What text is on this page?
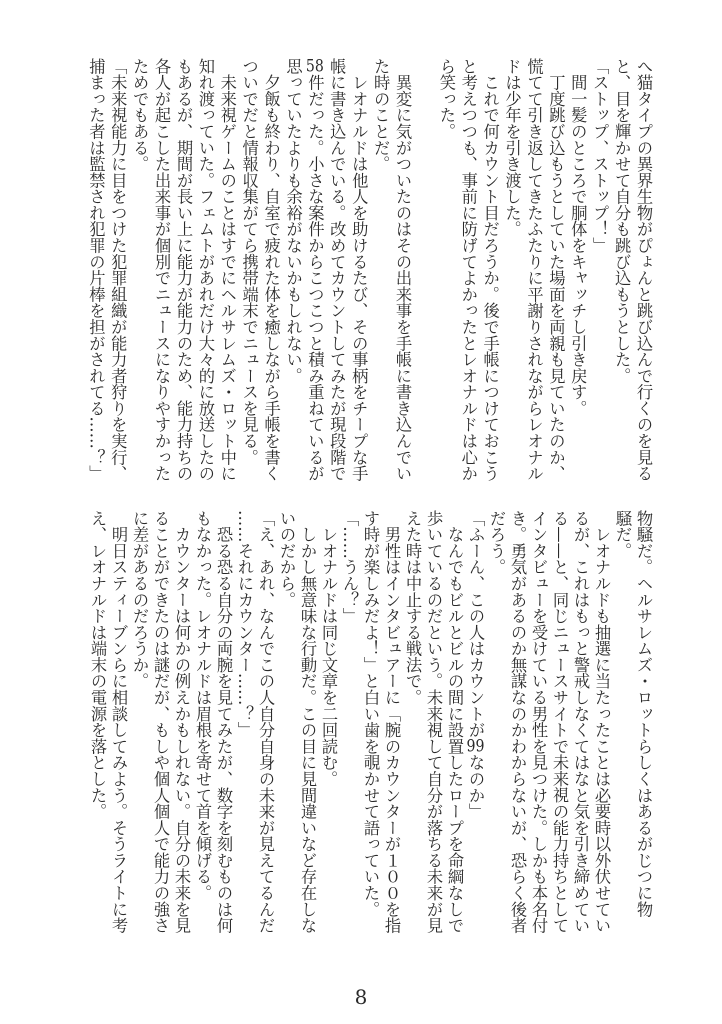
へ猫タイプの異界生物がぴょんと跳び込んで行くのを見る
と、目を輝かせて自分も跳び込もうとした。
「ストップ、ストップ！」
　間一髪のところで胴体をキャッチし引き戻す。
　丁度跳び込もうとしていた場面を両親も見ていたのか、
慌てて引き返してきたふたりに平謝りされながらレオナル
ドは少年を引き渡した。
　これで何カウント目だろうか。後で手帳につけておこう
と考えつつも、事前に防げてよかったとレオナルドは心か
ら笑った。

　異変に気がついたのはその出来事を手帳に書き込んでい
た時のことだ。
　レオナルドは他人を助けるたび、その事柄をチープな手
帳に書き込んでいる。改めてカウントしてみたが現段階で
58件だった。小さな案件からこつこつと積み重ねているが
思っていたよりも余裕がないかもしれない。
　夕飯も終わり、自室で疲れた体を癒しながら手帳を書く
ついでだと情報収集がてら携帯端末でニュースを見る。
　未来視ゲームのことはすでにヘルサレムズ・ロット中に
知れ渡っていた。フェムトがあれだけ大々的に放送したの
もあるが、期間が長い上に能力が能力のため、能力持ちの
各人が起こした出来事が個別でニュースになりやすかった
ためでもある。
「未来視能力に目をつけた犯罪組織が能力者狩りを実行、
捕まった者は監禁され犯罪の片棒を担がされてる……？」
物騒だ。ヘルサレムズ・ロットらしくはあるがじつに物
騒だ。
　レオナルドも抽選に当たったことは必要時以外伏せてい
るが、これはもっと警戒しなくてはなと気を引き締めてい
る——と、同じニュースサイトで未来視の能力持ちとして
インタビューを受けている男性を見つけた。しかも本名付
き。勇気があるのか無謀なのかわからないが、恐らく後者
だろう。
「ふーん、この人はカウントが99なのか」
　なんでもビルとビルの間に設置したロープを命綱なしで
歩いているのだという。未来視して自分が落ちる未来が見
えた時は中止する戦法で。
　男性はインタビュアーに「腕のカウンターが１００を指
す時が楽しみだよ！」と白い歯を覗かせて語っていた。
「……うん？」
　レオナルドは同じ文章を二回読む。
　しかし無意味な行動だ。この目に見間違いなど存在しな
いのだから。
「え、あれ、なんでこの人自分自身の未来が見えてるんだ
……それにカウンター……？」
　恐る恐る自分の両腕を見てみたが、数字を刻むものは何
もなかった。レオナルドは眉根を寄せて首を傾げる。
　カウンターは何かの例えかもしれない。自分の未来を見
ることができたのは謎だが、もしや個人個人で能力の強さ
に差があるのだろうか。
　明日スティーブンらに相談してみよう。そうライトに考
え、レオナルドは端末の電源を落とした。
8
